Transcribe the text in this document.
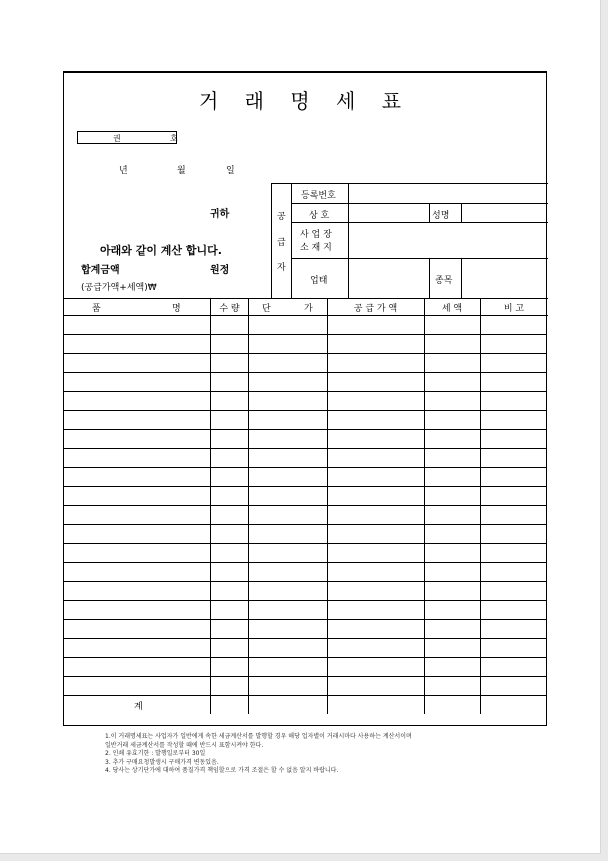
거 래 명 세 표
권	호
년	월	일
귀하
아래와 같이 계산 합니다.
합계금액	원정
(공급가액+세액)₩
공
급
자
등록번호
상 호	성명
사 업 장
소 재 지
업태	종목
품	명	수 량	단	가	공 급 가 액	세 액	비 고

계					
1.이 거래명세표는 사업자가 일반에게 속한 세금계산서를 발행할 경우 해당 업자별이 거래시마다 사용하는 계산서이며
일반거래 세금계산서를 작성할 때에 반드시 표함시켜야 한다.
2. 인쇄 유효기한 : 발행일로부터 30일
3. 추가 구매요청발생시 구매가격 변동있음.
4. 당사는 상기단가에 대하여 품질가격 책임할으로 가격 조절은 할 수 없음 알지 바랍니다.
